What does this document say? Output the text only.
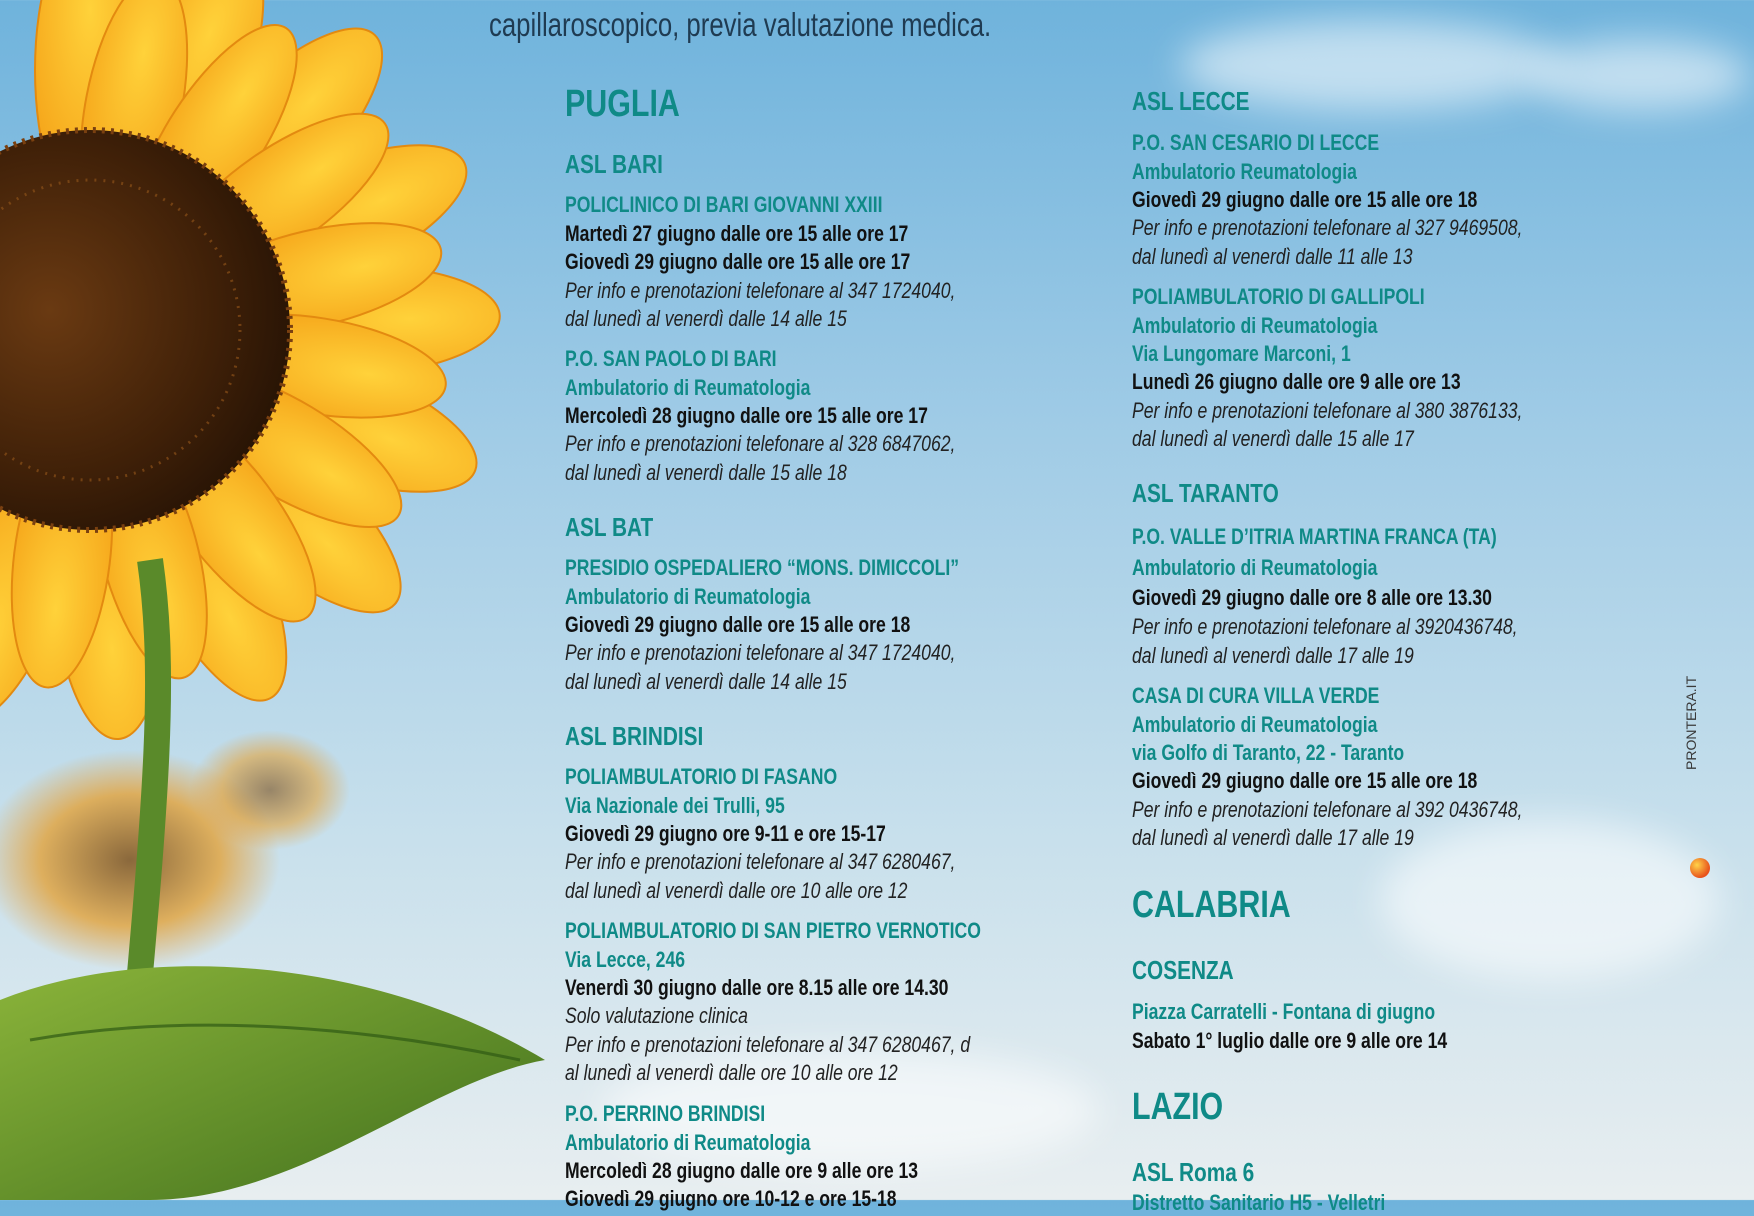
capillaroscopico, previa valutazione medica.
PUGLIA
ASL BARI
POLICLINICO DI BARI GIOVANNI XXIII
Martedì 27 giugno dalle ore 15 alle ore 17
Giovedì 29 giugno dalle ore 15 alle ore 17
Per info e prenotazioni telefonare al 347 1724040,
dal lunedì al venerdì dalle 14 alle 15
P.O. SAN PAOLO DI BARI
Ambulatorio di Reumatologia
Mercoledì 28 giugno dalle ore 15 alle ore 17
Per info e prenotazioni telefonare al 328 6847062,
dal lunedì al venerdì dalle 15 alle 18
ASL BAT
PRESIDIO OSPEDALIERO “MONS. DIMICCOLI”
Ambulatorio di Reumatologia
Giovedì 29 giugno dalle ore 15 alle ore 18
Per info e prenotazioni telefonare al 347 1724040,
dal lunedì al venerdì dalle 14 alle 15
ASL BRINDISI
POLIAMBULATORIO DI FASANO
Via Nazionale dei Trulli, 95
Giovedì 29 giugno ore 9-11 e ore 15-17
Per info e prenotazioni telefonare al 347 6280467,
dal lunedì al venerdì dalle ore 10 alle ore 12
POLIAMBULATORIO DI SAN PIETRO VERNOTICO
Via Lecce, 246
Venerdì 30 giugno dalle ore 8.15 alle ore 14.30
Solo valutazione clinica
Per info e prenotazioni telefonare al 347 6280467, d
al lunedì al venerdì dalle ore 10 alle ore 12
P.O. PERRINO BRINDISI
Ambulatorio di Reumatologia
Mercoledì 28 giugno dalle ore 9 alle ore 13
Giovedì 29 giugno ore 10-12 e ore 15-18
ASL LECCE
P.O. SAN CESARIO DI LECCE
Ambulatorio Reumatologia
Giovedì 29 giugno dalle ore 15 alle ore 18
Per info e prenotazioni telefonare al 327 9469508,
dal lunedì al venerdì dalle 11 alle 13
POLIAMBULATORIO DI GALLIPOLI
Ambulatorio di Reumatologia
Via Lungomare Marconi, 1
Lunedì 26 giugno dalle ore 9 alle ore 13
Per info e prenotazioni telefonare al 380 3876133,
dal lunedì al venerdì dalle 15 alle 17
ASL TARANTO
P.O. VALLE D’ITRIA MARTINA FRANCA (TA)
Ambulatorio di Reumatologia
Giovedì 29 giugno dalle ore 8 alle ore 13.30
Per info e prenotazioni telefonare al 3920436748,
dal lunedì al venerdì dalle 17 alle 19
CASA DI CURA VILLA VERDE
Ambulatorio di Reumatologia
via Golfo di Taranto, 22 - Taranto
Giovedì 29 giugno dalle ore 15 alle ore 18
Per info e prenotazioni telefonare al 392 0436748,
dal lunedì al venerdì dalle 17 alle 19
CALABRIA
COSENZA
Piazza Carratelli - Fontana di giugno
Sabato 1° luglio dalle ore 9 alle ore 14
LAZIO
ASL Roma 6
Distretto Sanitario H5 - Velletri
PRONTERA.IT
